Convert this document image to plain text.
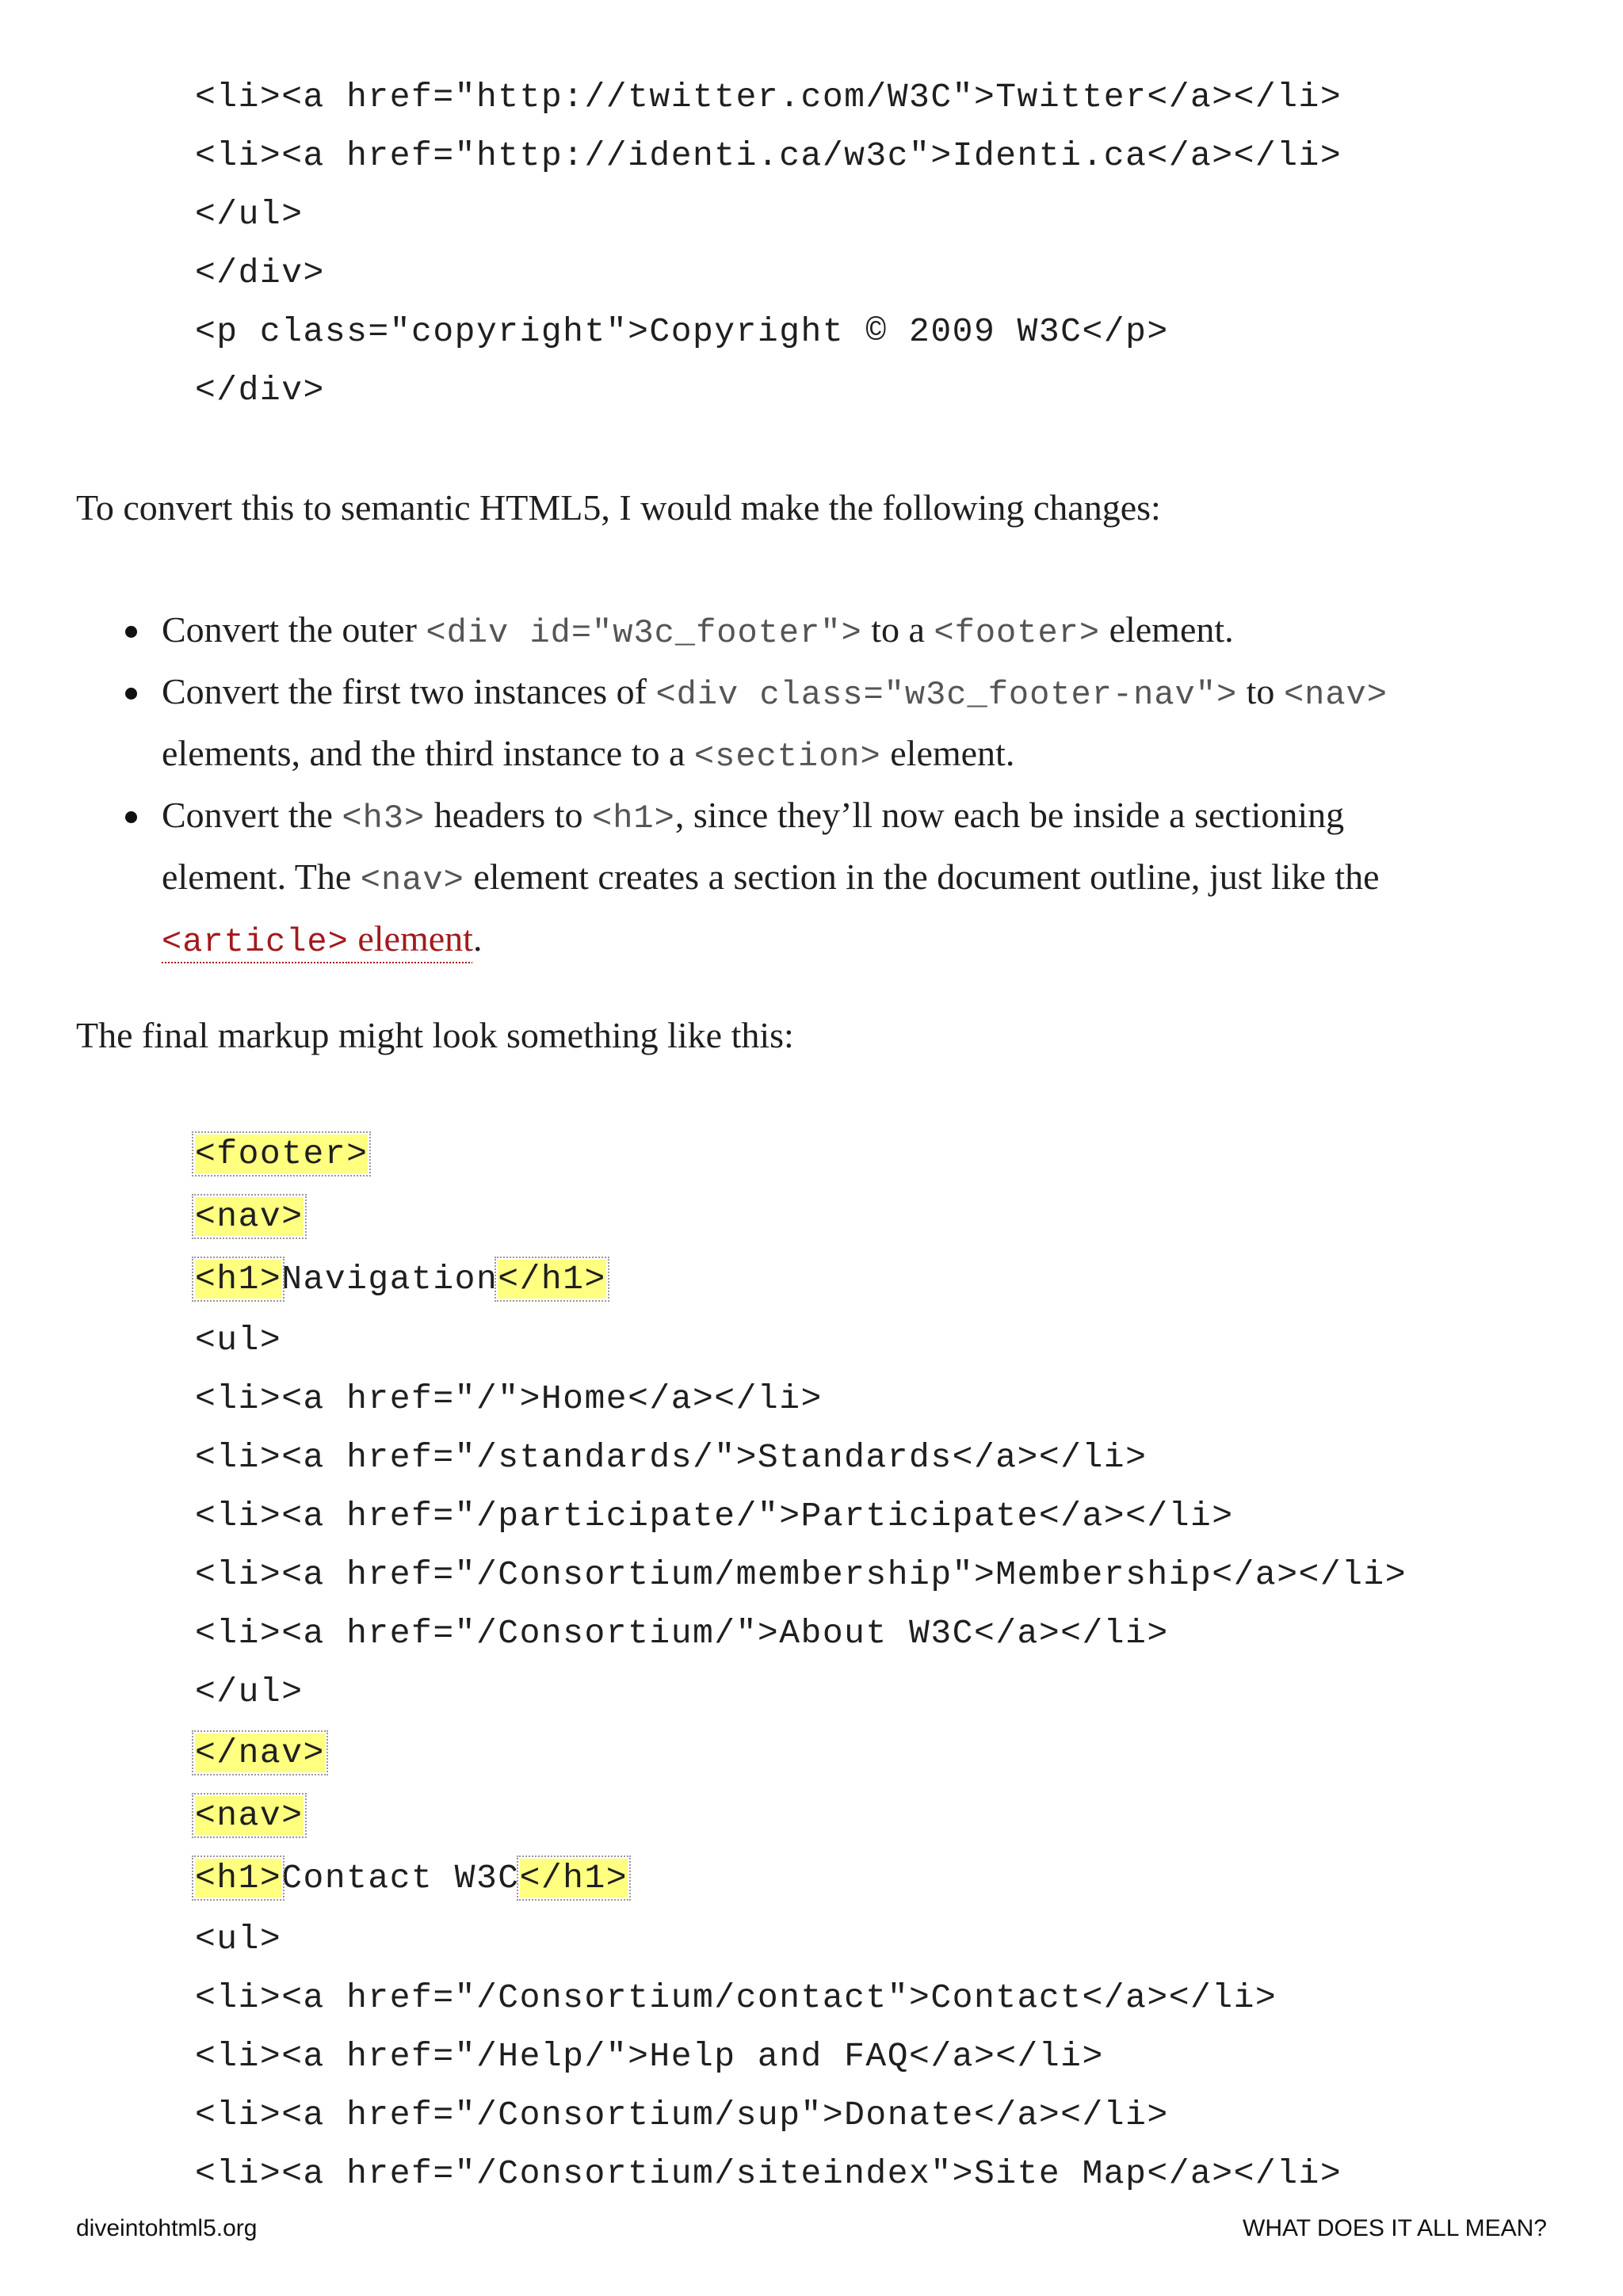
<li><a href="http://twitter.com/W3C">Twitter</a></li>
<li><a href="http://identi.ca/w3c">Identi.ca</a></li>
</ul>
</div>
<p class="copyright">Copyright © 2009 W3C</p>
</div>
To convert this to semantic HTML5, I would make the following changes:
Convert the outer <div id="w3c_footer"> to a <footer> element.
Convert the first two instances of <div class="w3c_footer-nav"> to <nav> elements, and the third instance to a <section> element.
Convert the <h3> headers to <h1>, since they’ll now each be inside a sectioning element. The <nav> element creates a section in the document outline, just like the <article> element.
The final markup might look something like this:
<footer>
<nav>
<h1>Navigation</h1>
<ul>
<li><a href="/">Home</a></li>
<li><a href="/standards/">Standards</a></li>
<li><a href="/participate/">Participate</a></li>
<li><a href="/Consortium/membership">Membership</a></li>
<li><a href="/Consortium/">About W3C</a></li>
</ul>
</nav>
<nav>
<h1>Contact W3C</h1>
<ul>
<li><a href="/Consortium/contact">Contact</a></li>
<li><a href="/Help/">Help and FAQ</a></li>
<li><a href="/Consortium/sup">Donate</a></li>
<li><a href="/Consortium/siteindex">Site Map</a></li>
diveintohtml5.org	WHAT DOES IT ALL MEAN?
